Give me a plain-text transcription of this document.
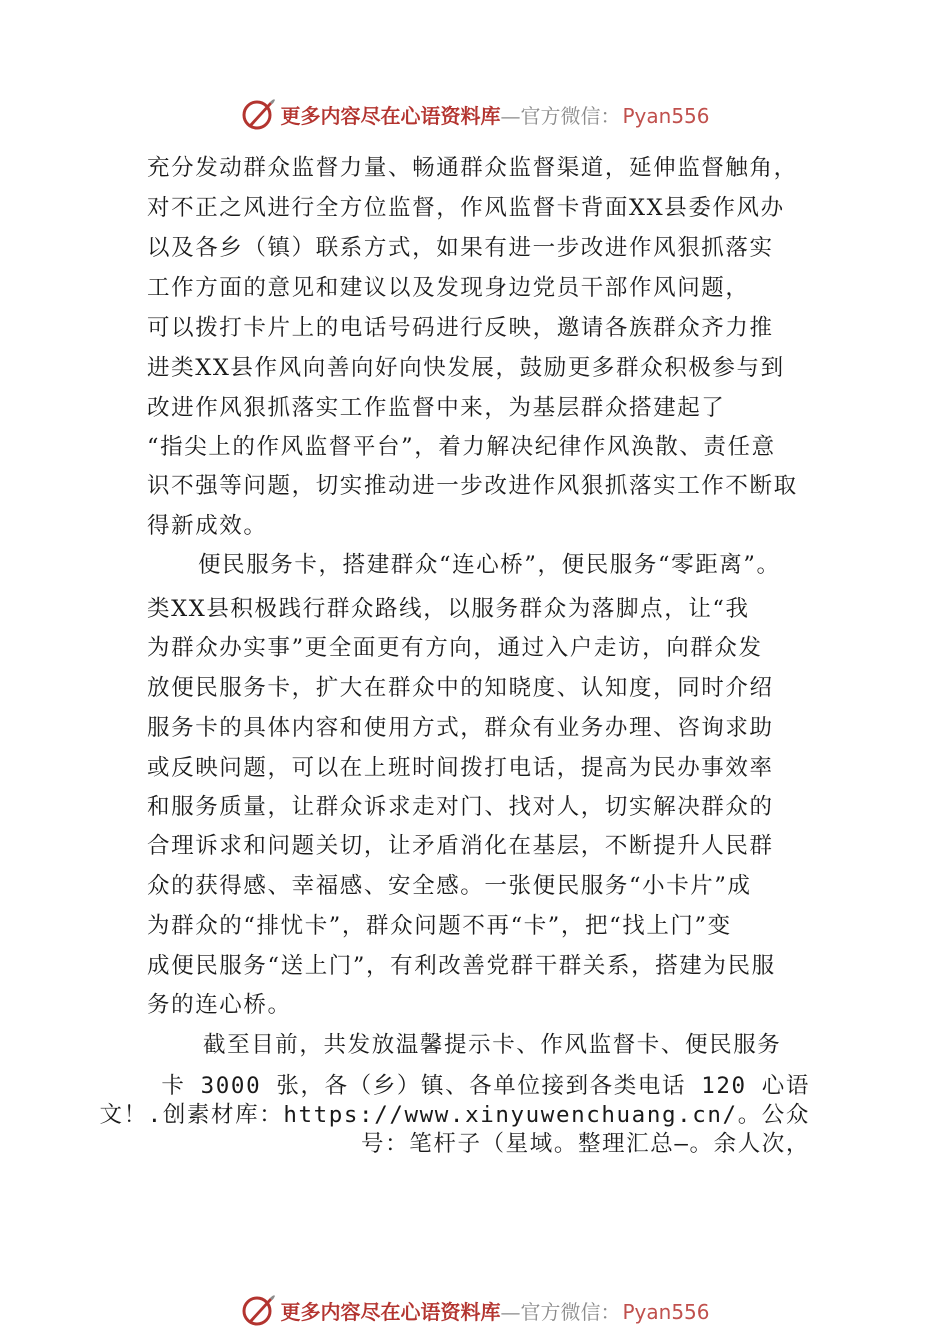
更多内容尽在心语资料库—官方微信： Pyan556
充分发动群众监督力量、畅通群众监督渠道，延伸监督触角，
对不正之风进行全方位监督，作风监督卡背面XX县委作风办
以及各乡（镇）联系方式，如果有进一步改进作风狠抓落实
工作方面的意见和建议以及发现身边党员干部作风问题，
可以拨打卡片上的电话号码进行反映，邀请各族群众齐力推
进类XX县作风向善向好向快发展，鼓励更多群众积极参与到
改进作风狠抓落实工作监督中来，为基层群众搭建起了
“指尖上的作风监督平台”，着力解决纪律作风涣散、责任意
识不强等问题，切实推动进一步改进作风狠抓落实工作不断取
得新成效。
便民服务卡，搭建群众“连心桥”，便民服务“零距离”。
类XX县积极践行群众路线，以服务群众为落脚点，让“我
为群众办实事”更全面更有方向，通过入户走访，向群众发
放便民服务卡，扩大在群众中的知晓度、认知度，同时介绍
服务卡的具体内容和使用方式，群众有业务办理、咨询求助
或反映问题，可以在上班时间拨打电话，提高为民办事效率
和服务质量，让群众诉求走对门、找对人，切实解决群众的
合理诉求和问题关切，让矛盾消化在基层，不断提升人民群
众的获得感、幸福感、安全感。一张便民服务“小卡片”成
为群众的“排忧卡”，群众问题不再“卡”，把“找上门”变
成便民服务“送上门”，有利改善党群干群关系，搭建为民服
务的连心桥。
截至目前，共发放温馨提示卡、作风监督卡、便民服务
卡 3000 张，各（乡）镇、各单位接到各类电话 120 心语
文！.创素材库：https://www.xinyuwenchuang.cn/。公众
号：笔杆子（星域。整理汇总—。余人次，
更多内容尽在心语资料库—官方微信： Pyan556
